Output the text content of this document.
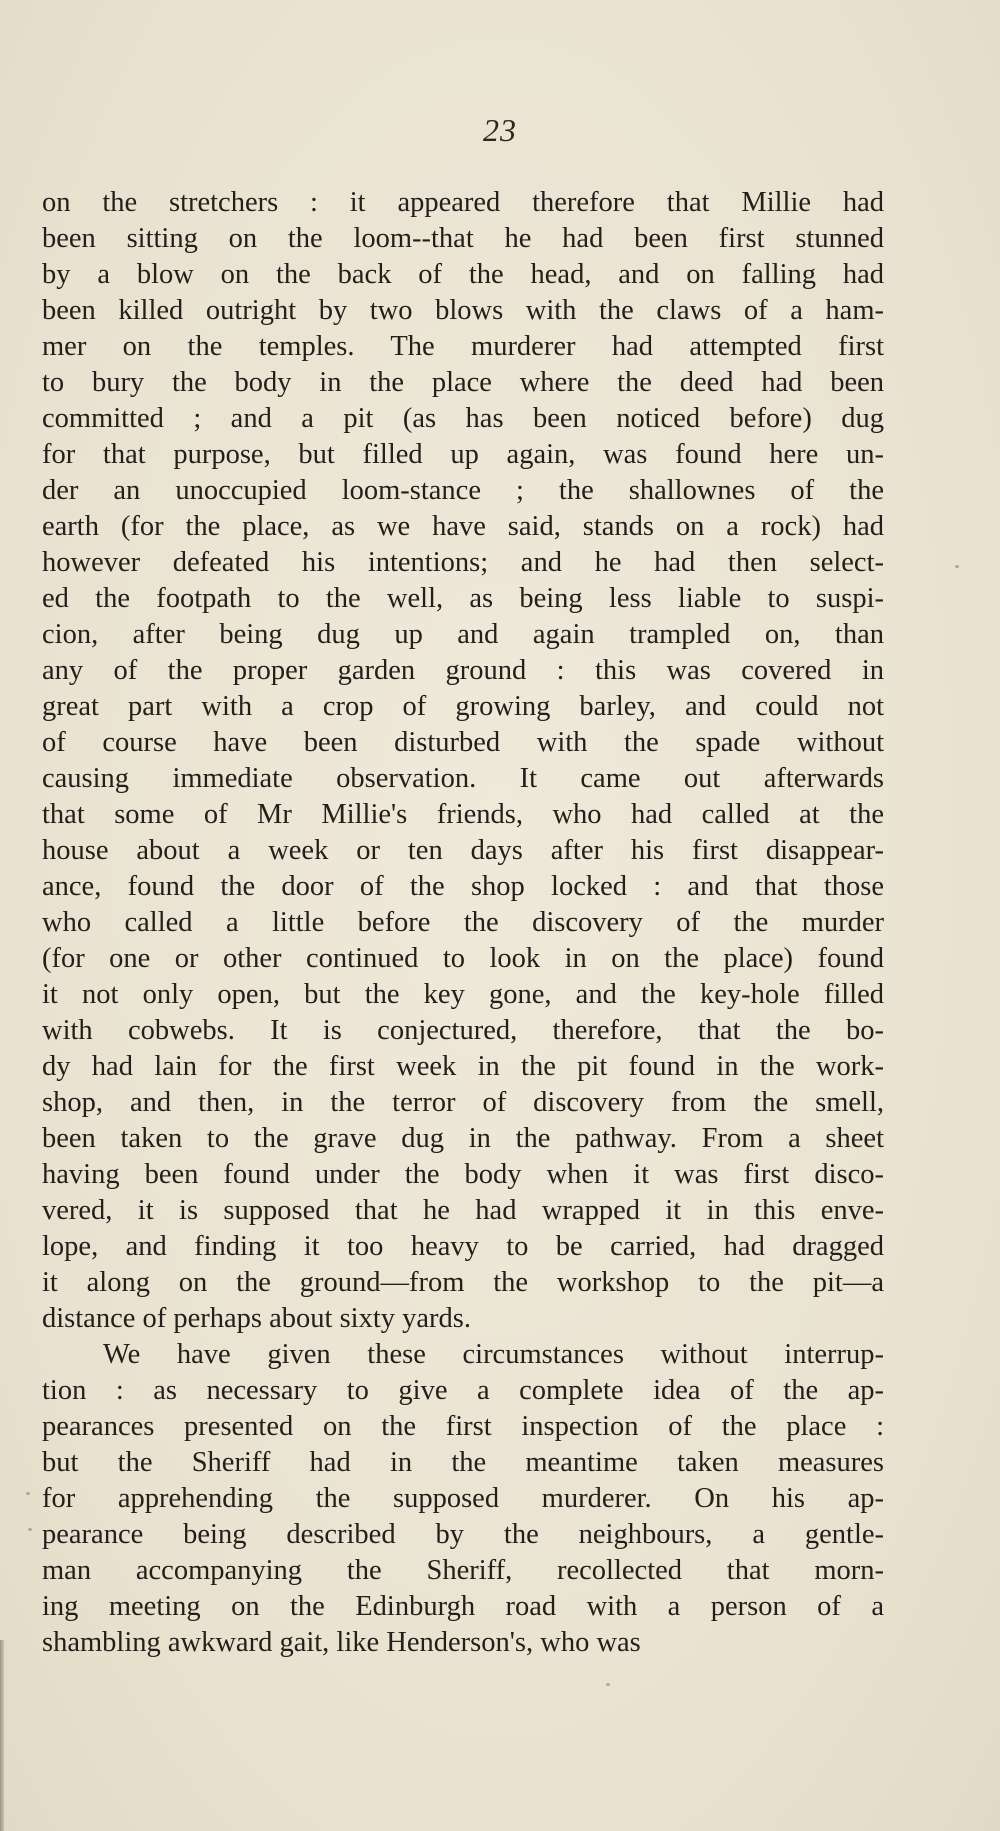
23
on the stretchers : it appeared therefore that Millie had
been sitting on the loom--that he had been first stunned
by a blow on the back of the head, and on falling had
been killed outright by two blows with the claws of a ham-
mer on the temples. The murderer had attempted first
to bury the body in the place where the deed had been
committed ; and a pit (as has been noticed before) dug
for that purpose, but filled up again, was found here un-
der an unoccupied loom-stance ; the shallownes of the
earth (for the place, as we have said, stands on a rock) had
however defeated his intentions; and he had then select-
ed the footpath to the well, as being less liable to suspi-
cion, after being dug up and again trampled on, than
any of the proper garden ground : this was covered in
great part with a crop of growing barley, and could not
of course have been disturbed with the spade without
causing immediate observation. It came out afterwards
that some of Mr Millie's friends, who had called at the
house about a week or ten days after his first disappear-
ance, found the door of the shop locked : and that those
who called a little before the discovery of the murder
(for one or other continued to look in on the place) found
it not only open, but the key gone, and the key-hole filled
with cobwebs. It is conjectured, therefore, that the bo-
dy had lain for the first week in the pit found in the work-
shop, and then, in the terror of discovery from the smell,
been taken to the grave dug in the pathway. From a sheet
having been found under the body when it was first disco-
vered, it is supposed that he had wrapped it in this enve-
lope, and finding it too heavy to be carried, had dragged
it along on the ground—from the workshop to the pit—a
distance of perhaps about sixty yards.
We have given these circumstances without interrup-
tion : as necessary to give a complete idea of the ap-
pearances presented on the first inspection of the place :
but the Sheriff had in the meantime taken measures
for apprehending the supposed murderer. On his ap-
pearance being described by the neighbours, a gentle-
man accompanying the Sheriff, recollected that morn-
ing meeting on the Edinburgh road with a person of a
shambling awkward gait, like Henderson's, who was
